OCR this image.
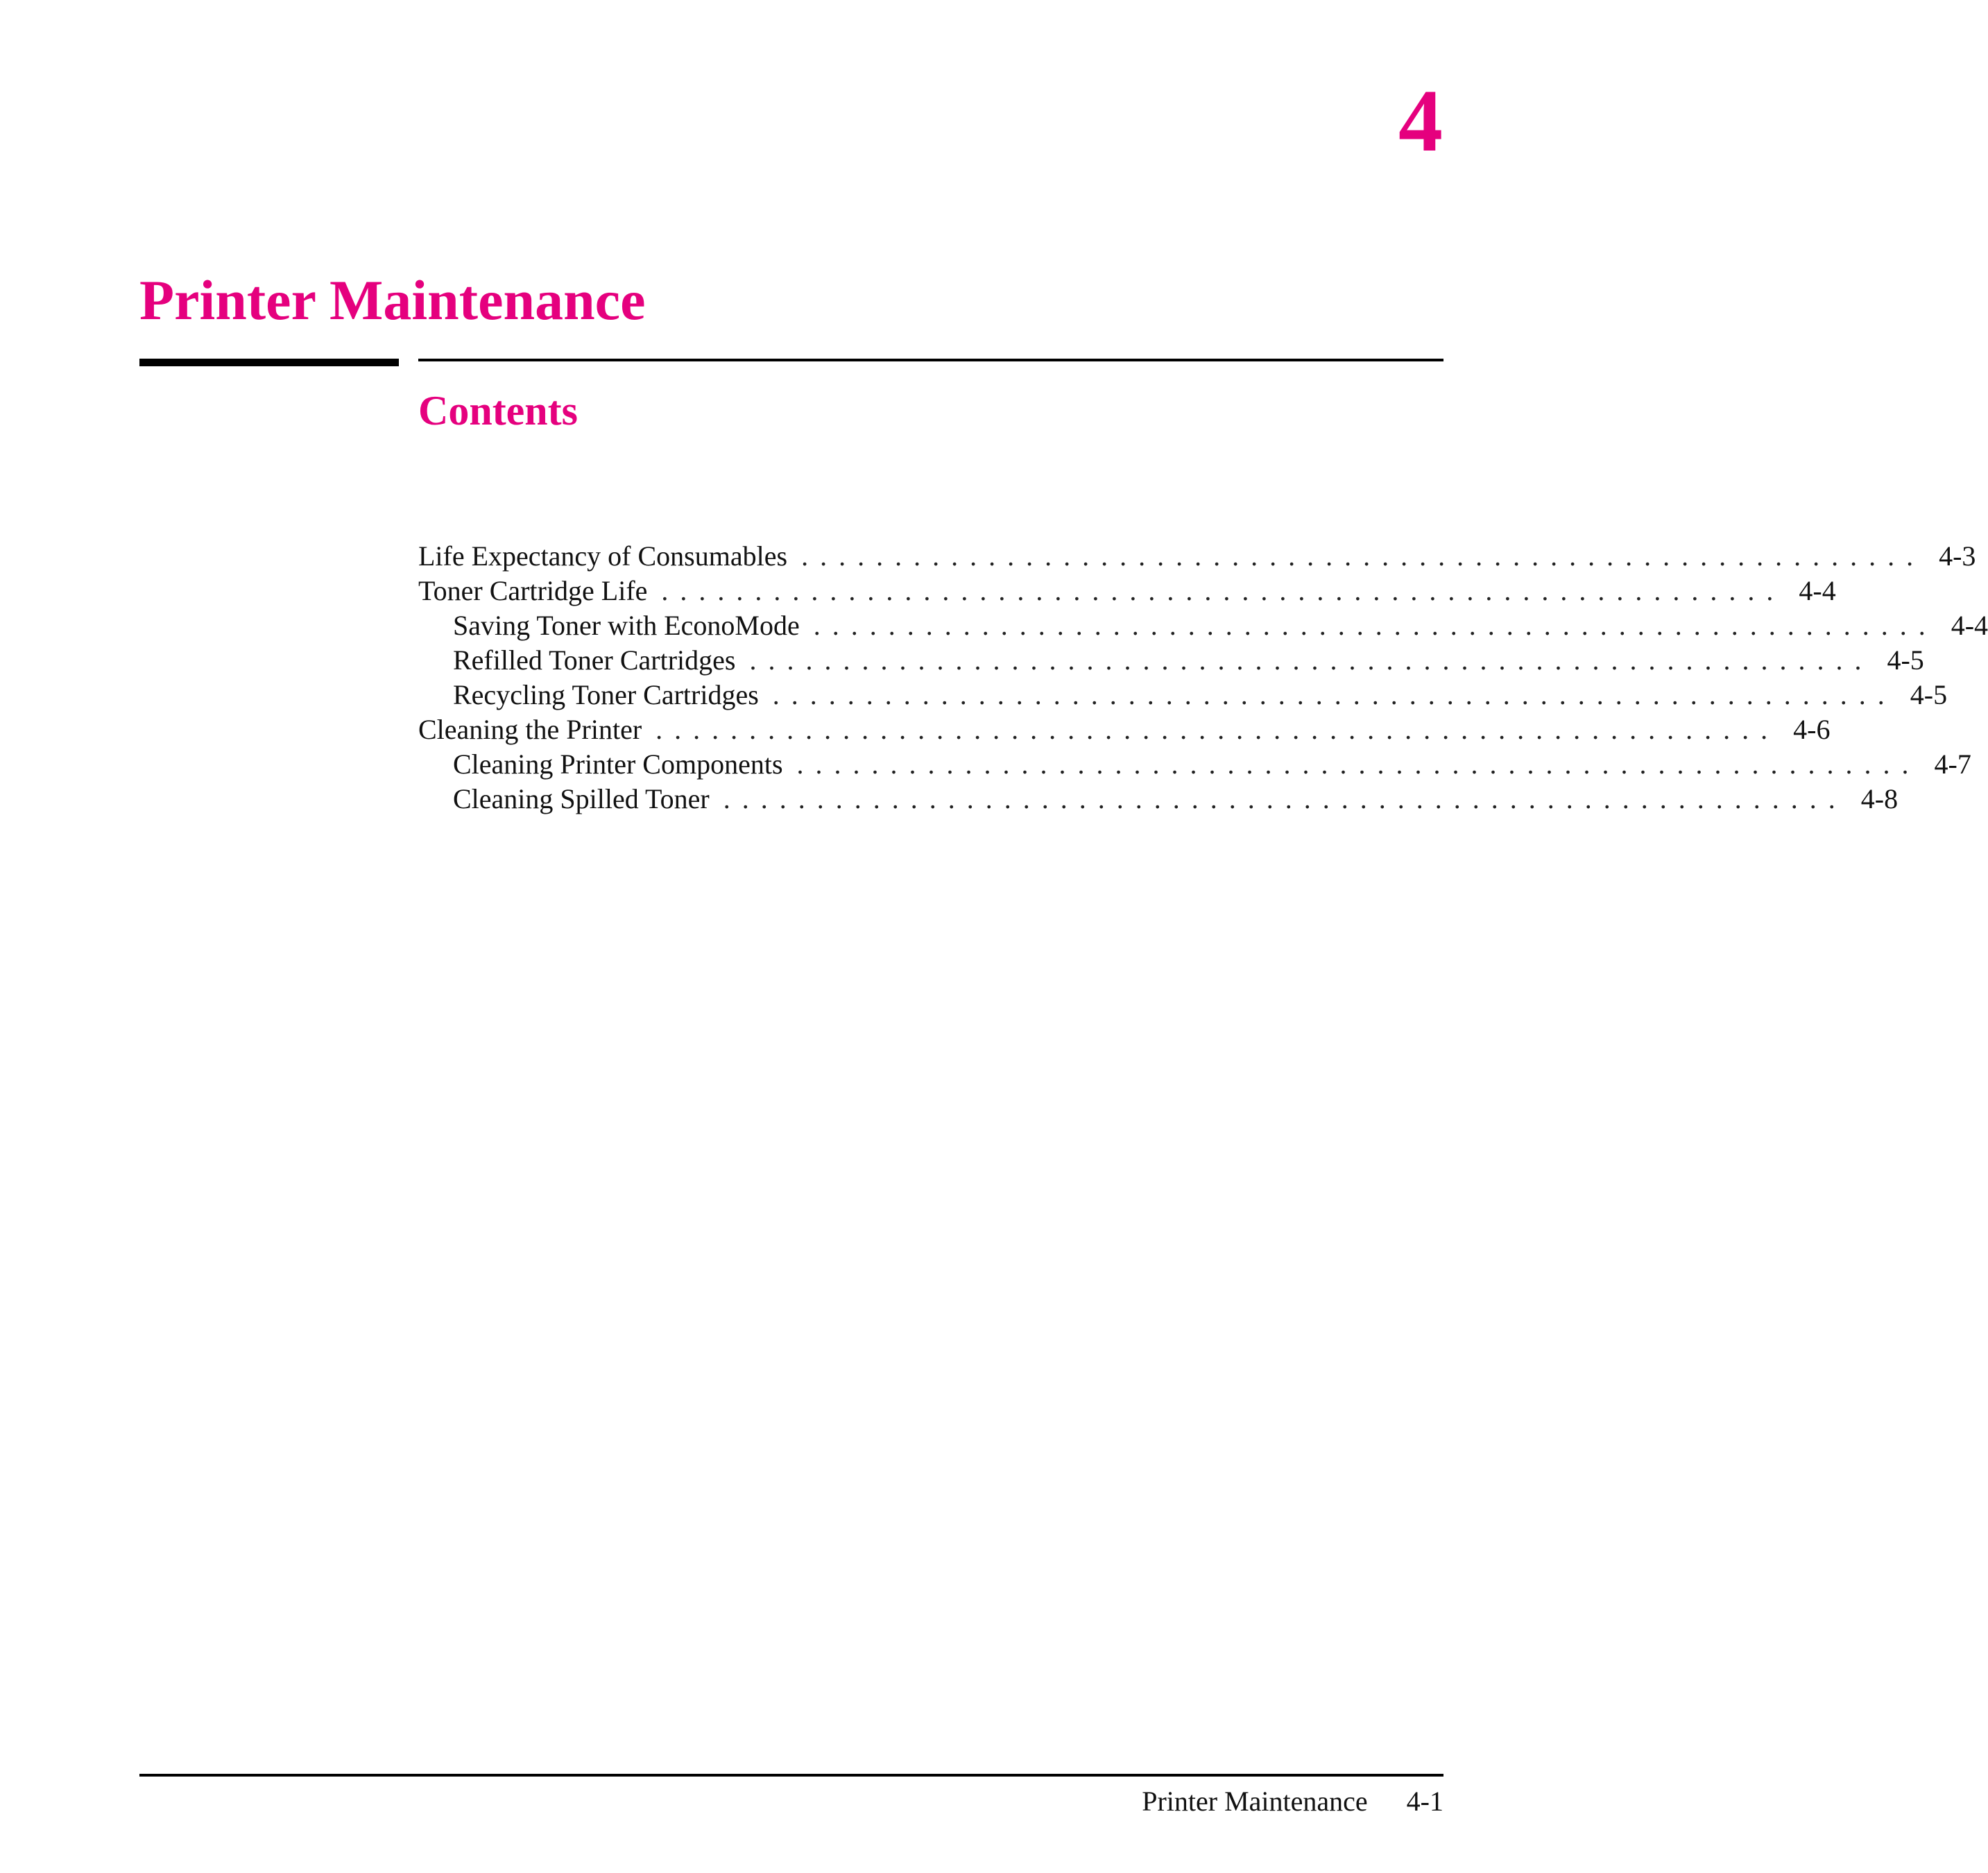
4
Printer Maintenance
Contents
Life Expectancy of Consumables ............................................................ 4-3
Toner Cartridge Life ............................................................ 4-4
Saving Toner with EconoMode ............................................................ 4-4
Refilled Toner Cartridges ............................................................ 4-5
Recycling Toner Cartridges ............................................................ 4-5
Cleaning the Printer ............................................................ 4-6
Cleaning Printer Components ............................................................ 4-7
Cleaning Spilled Toner ............................................................ 4-8
Printer Maintenance 4-1
